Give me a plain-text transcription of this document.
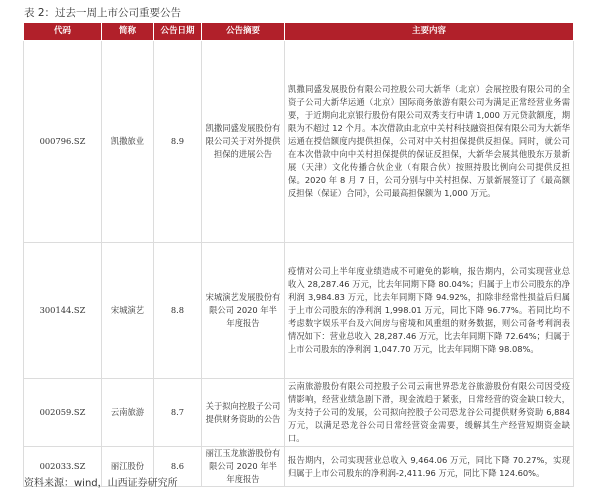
表 2：过去一周上市公司重要公告
代码	简称	公告日期	公告摘要	主要内容
000796.SZ	凯撒旅业	8.9	凯撒同盛发展股份有限公司关于对外提供担保的进展公告	凯撒同盛发展股份有限公司控股公司大新华（北京）会展控股有限公司的全资子公司大新华运通（北京）国际商务旅游有限公司为满足正常经营业务需要，于近期向北京银行股份有限公司双秀支行申请 1,000 万元贷款额度，期限为不超过 12 个月。本次借款由北京中关村科技融资担保有限公司为大新华运通在授信额度内提供担保，公司对中关村担保提供反担保。同时，就公司在本次借款中向中关村担保提供的保证反担保，大新华会展其他股东万景新展（天津）文化传播合伙企业（有限合伙）按照持股比例向公司提供反担保。2020 年 8 月 7 日，公司分别与中关村担保、万景新展签订了《最高额反担保（保证）合同》，公司最高担保额为 1,000 万元。
300144.SZ	宋城演艺	8.8	宋城演艺发展股份有限公司 2020 年半年度报告	疫情对公司上半年度业绩造成不可避免的影响，报告期内，公司实现营业总收入 28,287.46 万元，比去年同期下降 80.04%；归属于上市公司股东的净利润 3,984.83 万元，比去年同期下降 94.92%，扣除非经常性损益后归属于上市公司股东的净利润 1,998.01 万元，同比下降 96.77%。若同比均不考虑数字娱乐平台及六间房与密境和风重组的财务数据，则公司备考利润表情况如下：营业总收入 28,287.46 万元，比去年同期下降 72.64%；归属于上市公司股东的净利润 1,047.70 万元，比去年同期下降 98.08%。
002059.SZ	云南旅游	8.7	关于拟向控股子公司提供财务资助的公告	云南旅游股份有限公司控股子公司云南世界恐龙谷旅游股份有限公司因受疫情影响，经营业绩急剧下滑，现金流趋于紧张，日常经营的资金缺口较大，为支持子公司的发展，公司拟向控股子公司恐龙谷公司提供财务资助 6,884 万元，以满足恐龙谷公司日常经营资金需要，缓解其生产经营短期资金缺口。
002033.SZ	丽江股份	8.6	丽江玉龙旅游股份有限公司 2020 年半年度报告	报告期内，公司实现营业总收入 9,464.06 万元，同比下降 70.27%，实现归属于上市公司股东的净利润-2,411.96 万元，同比下降 124.60%。
资料来源：wind，山西证券研究所
